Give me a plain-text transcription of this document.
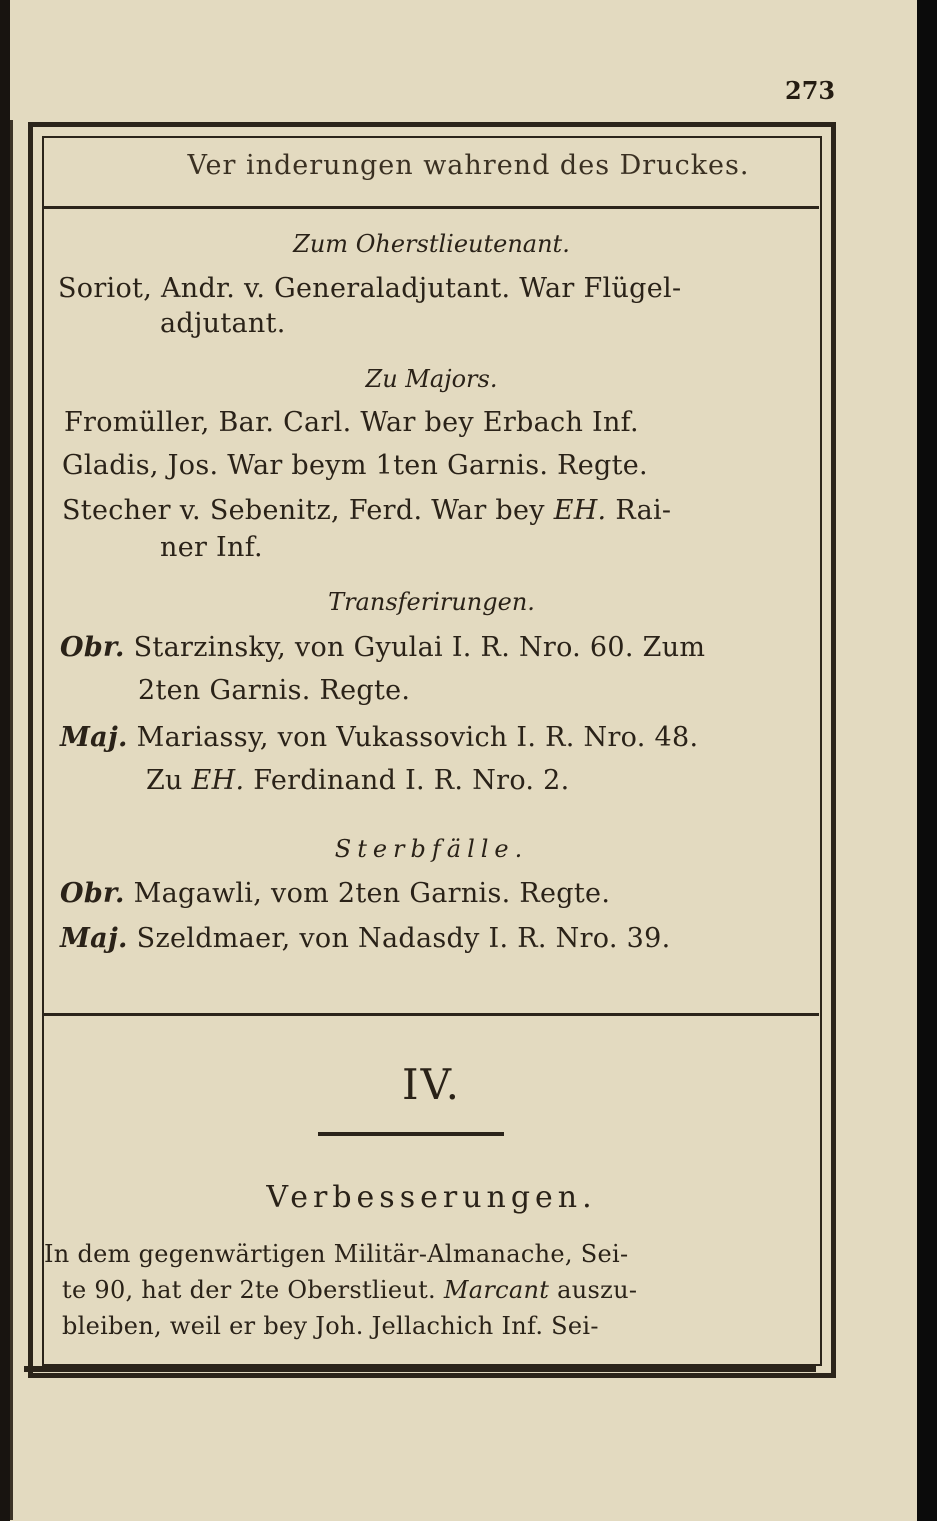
273
Ver inderungen wahrend des Druckes.
Zum Oherstlieutenant.
Soriot, Andr. v. Generaladjutant. War Flügel-
adjutant.
Zu Majors.
Fromüller, Bar. Carl. War bey Erbach Inf.
Gladis, Jos. War beym 1ten Garnis. Regte.
Stecher v. Sebenitz, Ferd. War bey EH. Rai-
ner Inf.
Transferirungen.
Obr. Starzinsky, von Gyulai I. R. Nro. 60. Zum
2ten Garnis. Regte.
Maj. Mariassy, von Vukassovich I. R. Nro. 48.
Zu EH. Ferdinand I. R. Nro. 2.
Sterbfälle.
Obr. Magawli, vom 2ten Garnis. Regte.
Maj. Szeldmaer, von Nadasdy I. R. Nro. 39.
IV.
Verbesserungen.
In dem gegenwärtigen Militär-Almanache, Sei-
te 90, hat der 2te Oberstlieut. Marcant auszu-
bleiben, weil er bey Joh. Jellachich Inf. Sei-
